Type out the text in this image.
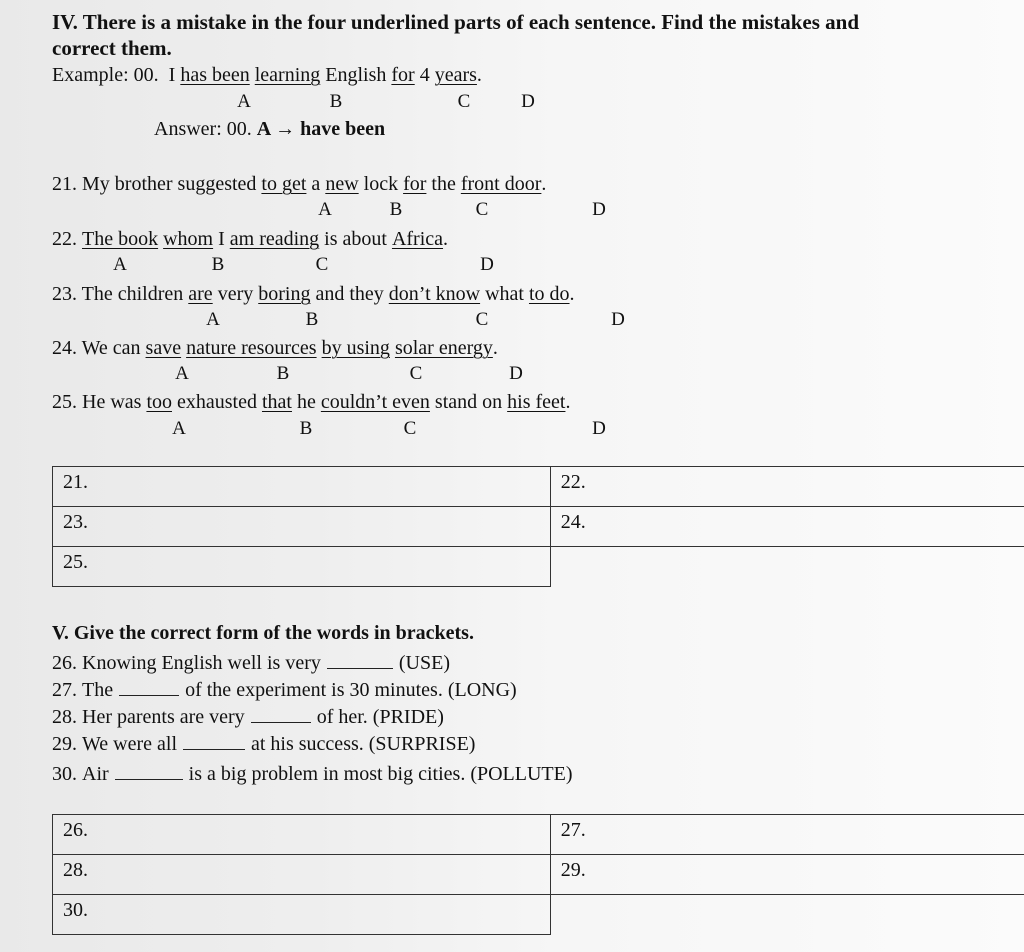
IV. There is a mistake in the four underlined parts of each sentence. Find the mistakes and
correct them.
Example: 00.  I has been
learning English for 4 years .
A	B	C	D
Answer: 00. A → have been
21. My brother suggested to get a new lock for the front door .
A	B	C	D
22.
The book
whom I am reading is about Africa .
A	B	C	D
23. The children are very boring and they don’t know what to do .
A	B	C	D
24. We can save
nature resources
by using
solar energy .
A	B	C	D
25. He was too exhausted that he couldn’t even stand on his feet .
A	B	C	D
21.	22.
23.	24.
25.	
V. Give the correct form of the words in brackets.
26.
Knowing English well is very	(USE)
27.
The	of the experiment is 30 minutes. (LONG)
28.
Her parents are very	of her. (PRIDE)
29.
We were all	at his success. (SURPRISE)
30.
Air	is a big problem in most big cities. (POLLUTE)
26.	27.
28.	29.
30.	
